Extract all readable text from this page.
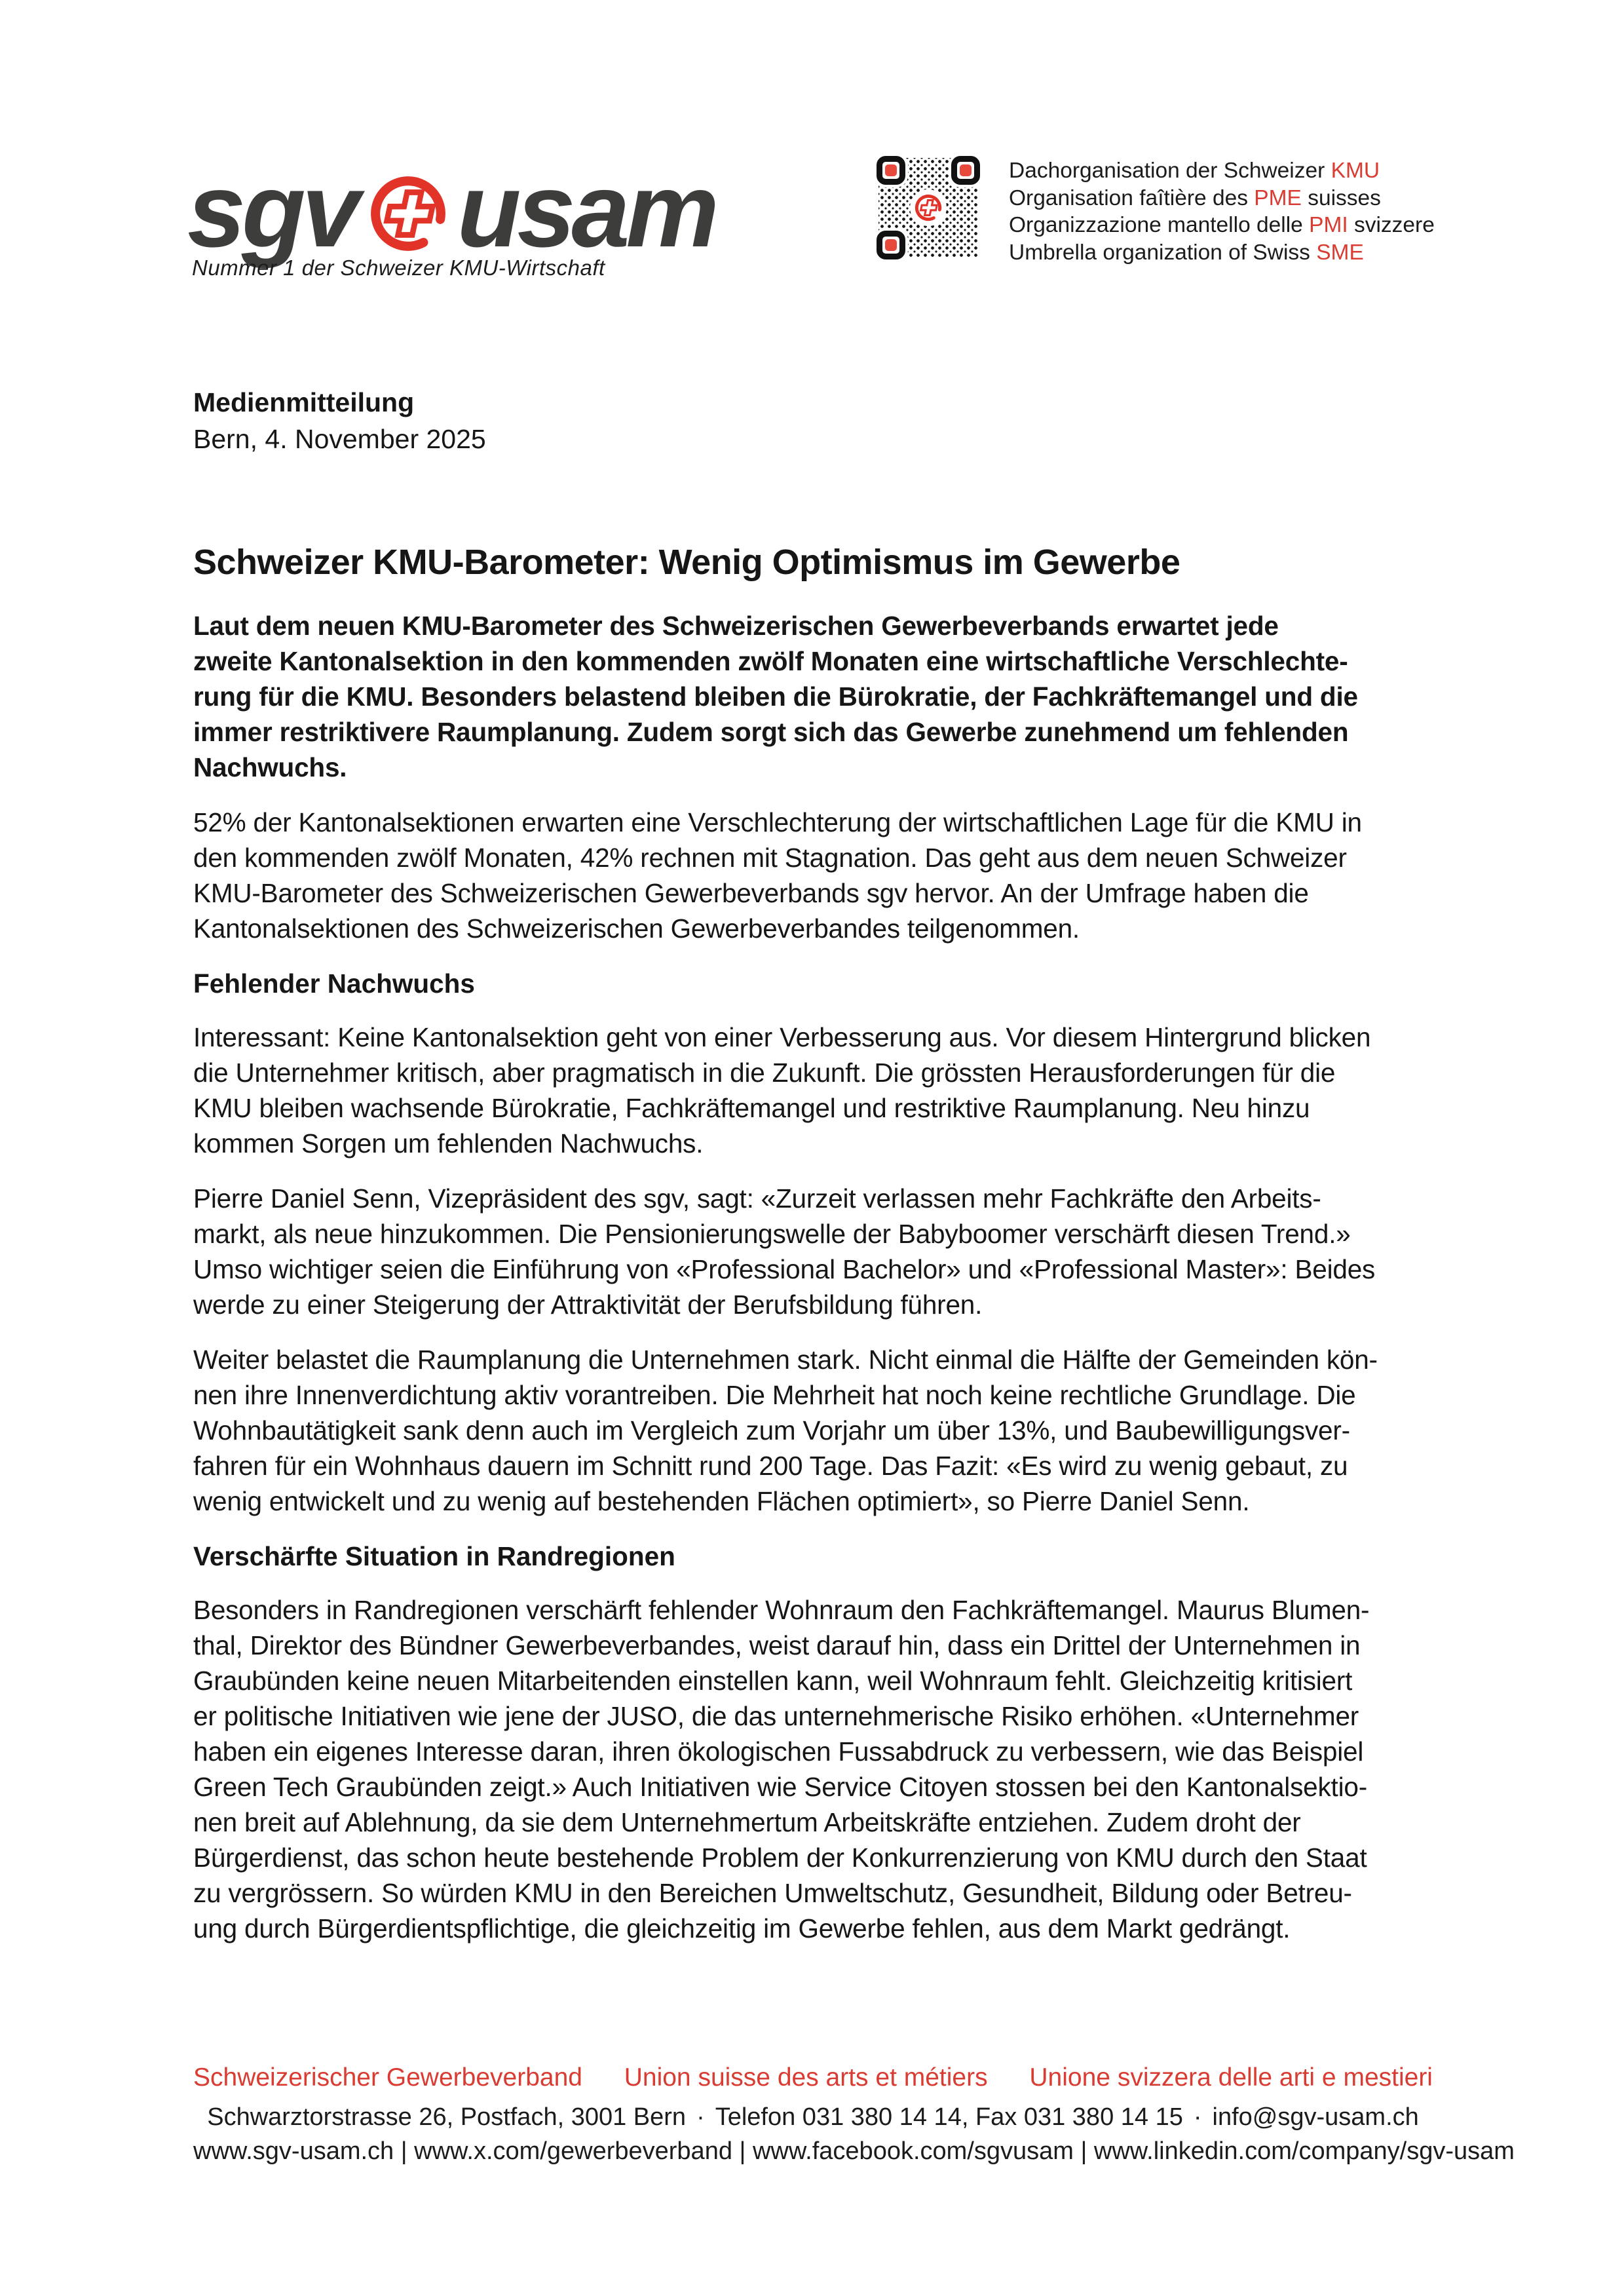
sgv usam
Nummer 1 der Schweizer KMU-Wirtschaft
Dachorganisation der Schweizer KMU
Organisation faîtière des PME suisses
Organizzazione mantello delle PMI svizzere
Umbrella organization of Swiss SME
Medienmitteilung
Bern, 4. November 2025
Schweizer KMU-Barometer: Wenig Optimismus im Gewerbe

Laut dem neuen KMU-Barometer des Schweizerischen Gewerbeverbands erwartet jede
zweite Kantonalsektion in den kommenden zwölf Monaten eine wirtschaftliche Verschlechte-
rung für die KMU. Besonders belastend bleiben die Bürokratie, der Fachkräftemangel und die
immer restriktivere Raumplanung. Zudem sorgt sich das Gewerbe zunehmend um fehlenden
Nachwuchs.

52% der Kantonalsektionen erwarten eine Verschlechterung der wirtschaftlichen Lage für die KMU in
den kommenden zwölf Monaten, 42% rechnen mit Stagnation. Das geht aus dem neuen Schweizer
KMU-Barometer des Schweizerischen Gewerbeverbands sgv hervor. An der Umfrage haben die
Kantonalsektionen des Schweizerischen Gewerbeverbandes teilgenommen.

Fehlender Nachwuchs

Interessant: Keine Kantonalsektion geht von einer Verbesserung aus. Vor diesem Hintergrund blicken
die Unternehmer kritisch, aber pragmatisch in die Zukunft. Die grössten Herausforderungen für die
KMU bleiben wachsende Bürokratie, Fachkräftemangel und restriktive Raumplanung. Neu hinzu
kommen Sorgen um fehlenden Nachwuchs.

Pierre Daniel Senn, Vizepräsident des sgv, sagt: «Zurzeit verlassen mehr Fachkräfte den Arbeits-
markt, als neue hinzukommen. Die Pensionierungswelle der Babyboomer verschärft diesen Trend.»
Umso wichtiger seien die Einführung von «Professional Bachelor» und «Professional Master»: Beides
werde zu einer Steigerung der Attraktivität der Berufsbildung führen.

Weiter belastet die Raumplanung die Unternehmen stark. Nicht einmal die Hälfte der Gemeinden kön-
nen ihre Innenverdichtung aktiv vorantreiben. Die Mehrheit hat noch keine rechtliche Grundlage. Die
Wohnbautätigkeit sank denn auch im Vergleich zum Vorjahr um über 13%, und Baubewilligungsver-
fahren für ein Wohnhaus dauern im Schnitt rund 200 Tage. Das Fazit: «Es wird zu wenig gebaut, zu
wenig entwickelt und zu wenig auf bestehenden Flächen optimiert», so Pierre Daniel Senn.

Verschärfte Situation in Randregionen

Besonders in Randregionen verschärft fehlender Wohnraum den Fachkräftemangel. Maurus Blumen-
thal, Direktor des Bündner Gewerbeverbandes, weist darauf hin, dass ein Drittel der Unternehmen in
Graubünden keine neuen Mitarbeitenden einstellen kann, weil Wohnraum fehlt. Gleichzeitig kritisiert
er politische Initiativen wie jene der JUSO, die das unternehmerische Risiko erhöhen. «Unternehmer
haben ein eigenes Interesse daran, ihren ökologischen Fussabdruck zu verbessern, wie das Beispiel
Green Tech Graubünden zeigt.» Auch Initiativen wie Service Citoyen stossen bei den Kantonalsektio-
nen breit auf Ablehnung, da sie dem Unternehmertum Arbeitskräfte entziehen. Zudem droht der
Bürgerdienst, das schon heute bestehende Problem der Konkurrenzierung von KMU durch den Staat
zu vergrössern. So würden KMU in den Bereichen Umweltschutz, Gesundheit, Bildung oder Betreu-
ung durch Bürgerdientspflichtige, die gleichzeitig im Gewerbe fehlen, aus dem Markt gedrängt.

Schweizerischer Gewerbeverband Union suisse des arts et métiers Unione svizzera delle arti e mestieri
Schwarztorstrasse 26, Postfach, 3001 Bern · Telefon 031 380 14 14, Fax 031 380 14 15 · info@sgv-usam.ch
www.sgv-usam.ch | www.x.com/gewerbeverband | www.facebook.com/sgvusam | www.linkedin.com/company/sgv-usam
